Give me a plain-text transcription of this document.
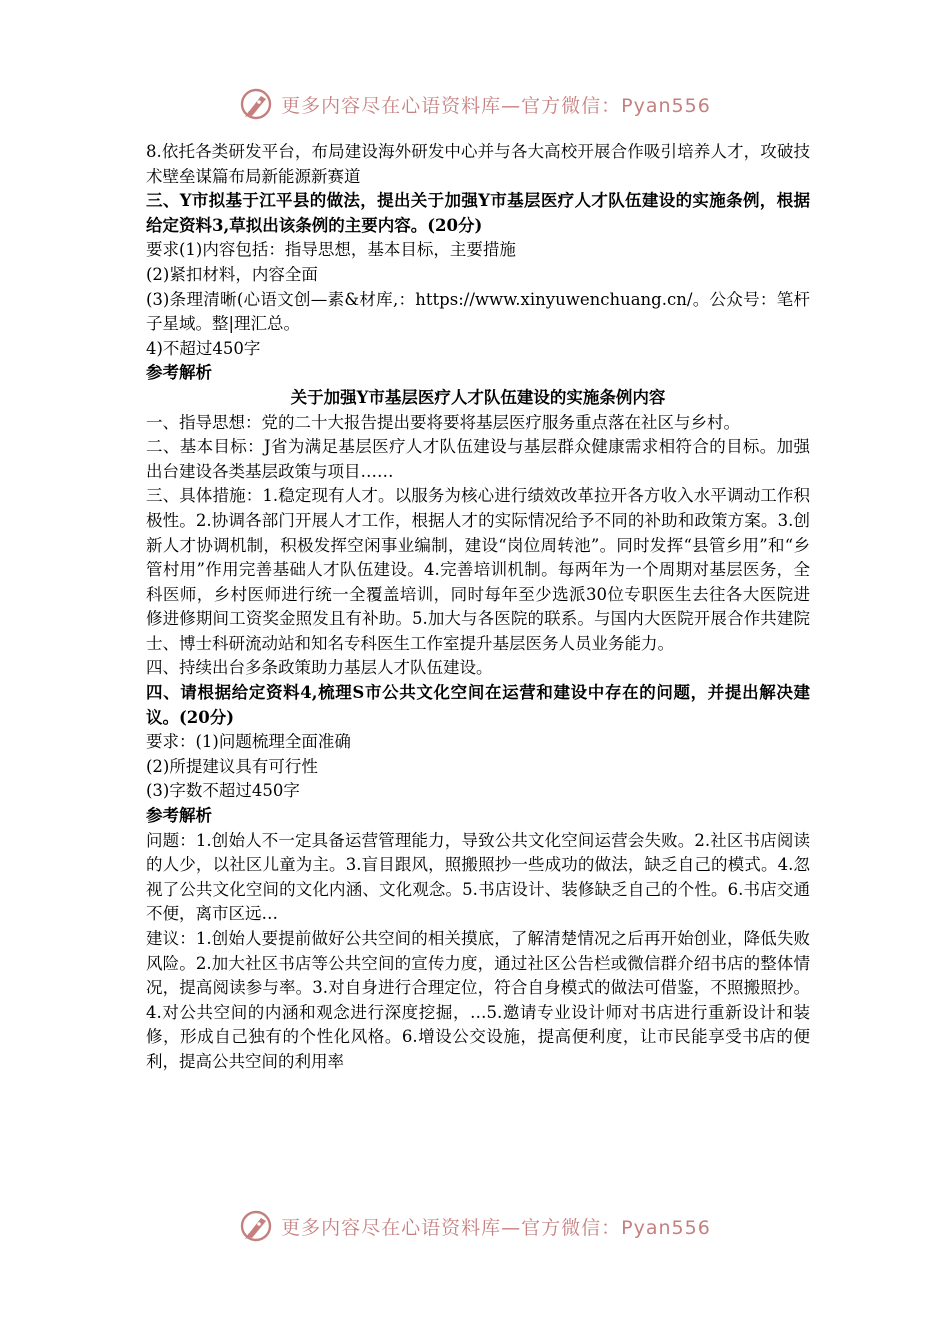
更多内容尽在心语资料库—官方微信：Pyan556

8.依托各类研发平台，布局建设海外研发中心并与各大高校开展合作吸引培养人才，攻破技术壁垒谋篇布局新能源新赛道

三、Y市拟基于江平县的做法，提出关于加强Y市基层医疗人才队伍建设的实施条例，根据给定资料3,草拟出该条例的主要内容。(20分)

要求(1)内容包括：指导思想，基本目标，主要措施

(2)紧扣材料，内容全面

(3)条理清晰(心语文创—素&材库,：https://www.xinyuwenchuang.cn/。公众号：笔杆子星域。整|理汇总。

4)不超过450字

参考解析

关于加强Y市基层医疗人才队伍建设的实施条例内容

一、指导思想：党的二十大报告提出要将要将基层医疗服务重点落在社区与乡村。

二、基本目标：J省为满足基层医疗人才队伍建设与基层群众健康需求相符合的目标。加强出台建设各类基层政策与项目……

三、具体措施：1.稳定现有人才。以服务为核心进行绩效改革拉开各方收入水平调动工作积极性。2.协调各部门开展人才工作，根据人才的实际情况给予不同的补助和政策方案。3.创新人才协调机制，积极发挥空闲事业编制，建设“岗位周转池”。同时发挥“县管乡用”和“乡管村用”作用完善基础人才队伍建设。4.完善培训机制。每两年为一个周期对基层医务，全科医师，乡村医师进行统一全覆盖培训，同时每年至少选派30位专职医生去往各大医院进修进修期间工资奖金照发且有补助。5.加大与各医院的联系。与国内大医院开展合作共建院士、博士科研流动站和知名专科医生工作室提升基层医务人员业务能力。

四、持续出台多条政策助力基层人才队伍建设。

四、请根据给定资料4,梳理S市公共文化空间在运营和建设中存在的问题，并提出解决建议。(20分)

要求：(1)问题梳理全面准确

(2)所提建议具有可行性

(3)字数不超过450字

参考解析

问题：1.创始人不一定具备运营管理能力，导致公共文化空间运营会失败。2.社区书店阅读的人少，以社区儿童为主。3.盲目跟风，照搬照抄一些成功的做法，缺乏自己的模式。4.忽视了公共文化空间的文化内涵、文化观念。5.书店设计、装修缺乏自己的个性。6.书店交通不便，离市区远…

建议：1.创始人要提前做好公共空间的相关摸底，了解清楚情况之后再开始创业，降低失败风险。2.加大社区书店等公共空间的宣传力度，通过社区公告栏或微信群介绍书店的整体情况，提高阅读参与率。3.对自身进行合理定位，符合自身模式的做法可借鉴，不照搬照抄。4.对公共空间的内涵和观念进行深度挖掘，…5.邀请专业设计师对书店进行重新设计和装修，形成自己独有的个性化风格。6.增设公交设施，提高便利度，让市民能享受书店的便利，提高公共空间的利用率

更多内容尽在心语资料库—官方微信：Pyan556
